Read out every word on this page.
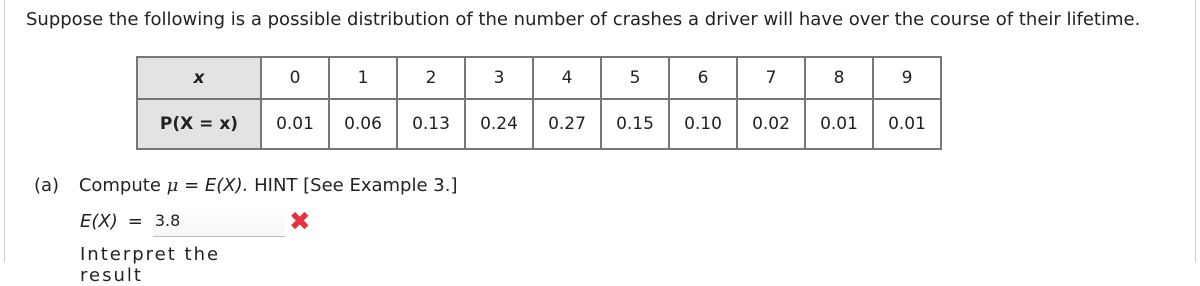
Suppose the following is a possible distribution of the number of crashes a driver will have over the course of their lifetime.
x	0	1	2	3	4	5	6	7	8	9
P(X = x)	0.01	0.06	0.13	0.24	0.27	0.15	0.10	0.02	0.01	0.01
(a) Compute μ = E(X). HINT [See Example 3.]
E(X) = 3.8	✖
Interpret the result
